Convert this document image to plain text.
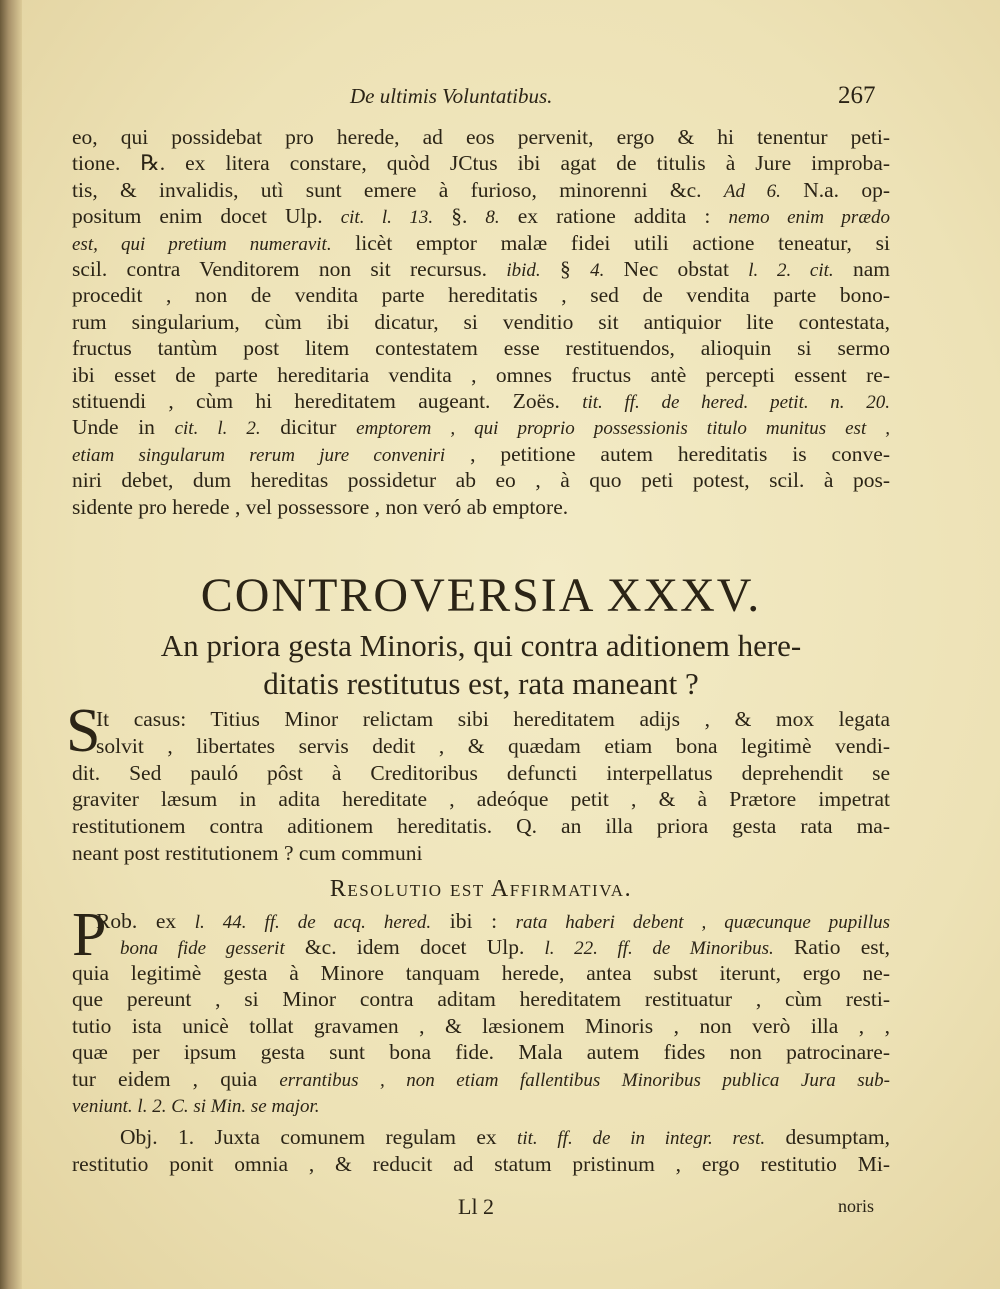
De ultimis Voluntatibus.	267
eo, qui possidebat pro herede, ad eos pervenit, ergo & hi tenentur peti-
tione. ℞. ex litera constare, quòd JCtus ibi agat de titulis à Jure improba-
tis, & invalidis, utì sunt emere à furioso, minorenni &c. Ad 6. N.a. op-
positum enim docet Ulp. cit. l. 13. §. 8. ex ratione addita : nemo enim prædo
est, qui pretium numeravit. licèt emptor malæ fidei utili actione teneatur, si
scil. contra Venditorem non sit recursus. ibid. § 4. Nec obstat l. 2. cit. nam
procedit , non de vendita parte hereditatis , sed de vendita parte bono-
rum singularium, cùm ibi dicatur, si venditio sit antiquior lite contestata,
fructus tantùm post litem contestatem esse restituendos, alioquin si sermo
ibi esset de parte hereditaria vendita , omnes fructus antè percepti essent re-
stituendi , cùm hi hereditatem augeant. Zoës. tit. ff. de hered. petit. n. 20.
Unde in cit. l. 2. dicitur emptorem , qui proprio possessionis titulo munitus est ,
etiam singularum rerum jure conveniri , petitione autem hereditatis is conve-
niri debet, dum hereditas possidetur ab eo , à quo peti potest, scil. à pos-
sidente pro herede , vel possessore , non veró ab emptore.
CONTROVERSIA XXXV.
An priora gesta Minoris, qui contra aditionem here-
ditatis restitutus est, rata maneant ?
S
It casus: Titius Minor relictam sibi hereditatem adijs , & mox legata
solvit , libertates servis dedit , & quædam etiam bona legitimè vendi-
dit. Sed pauló pôst à Creditoribus defuncti interpellatus deprehendit se
graviter læsum in adita hereditate , adeóque petit , & à Prætore impetrat
restitutionem contra aditionem hereditatis. Q. an illa priora gesta rata ma-
neant post restitutionem ? cum communi
Resolutio est Affirmativa.
P
Rob. ex l. 44. ff. de acq. hered. ibi : rata haberi debent , quæcunque pupillus
bona fide gesserit &c. idem docet Ulp. l. 22. ff. de Minoribus. Ratio est,
quia legitimè gesta à Minore tanquam herede, antea subst iterunt, ergo ne-
que pereunt , si Minor contra aditam hereditatem restituatur , cùm resti-
tutio ista unicè tollat gravamen , & læsionem Minoris , non verò illa , ,
quæ per ipsum gesta sunt bona fide. Mala autem fides non patrocinare-
tur eidem , quia errantibus , non etiam fallentibus Minoribus publica Jura sub-
veniunt. l. 2. C. si Min. se major.
Obj. 1. Juxta comunem regulam ex tit. ff. de in integr. rest. desumptam,
restitutio ponit omnia , & reducit ad statum pristinum , ergo restitutio Mi-
Ll 2	noris
